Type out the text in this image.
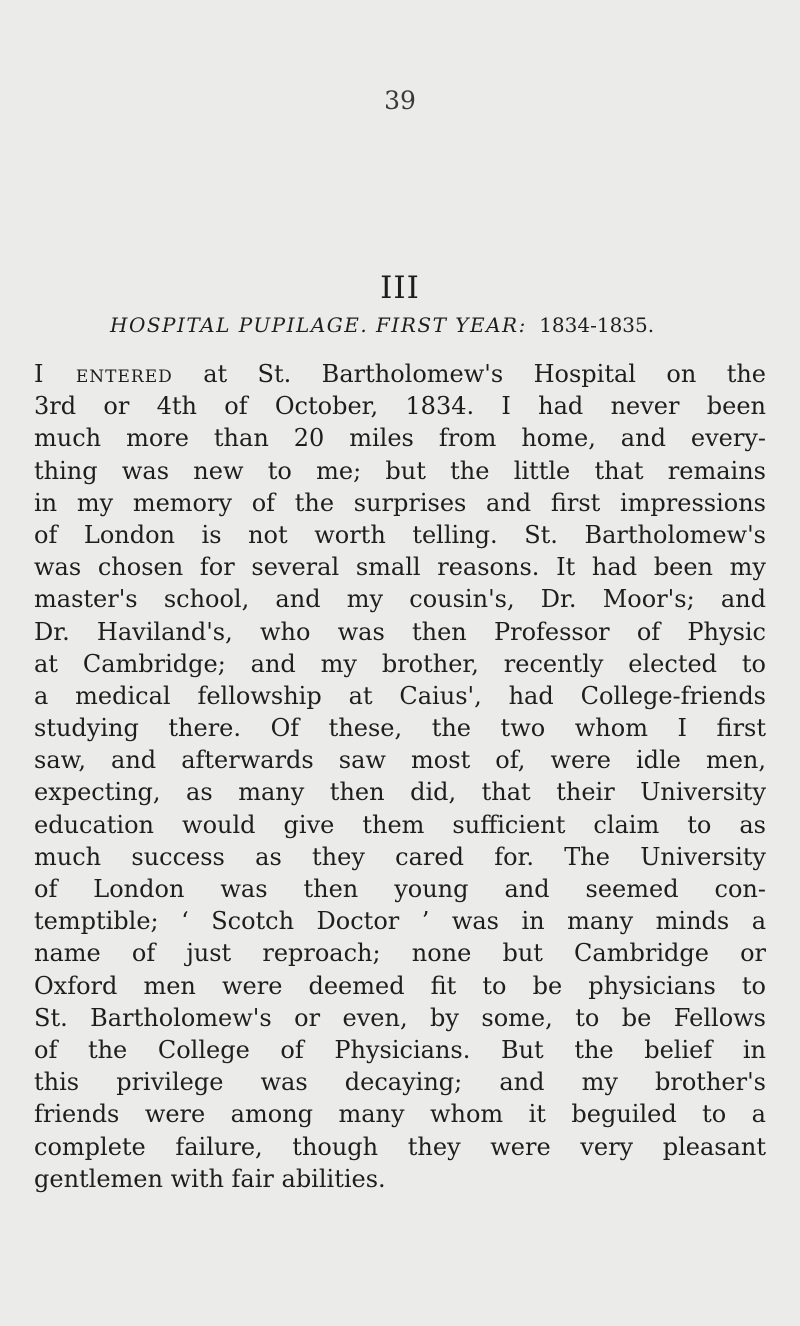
39
III
HOSPITAL PUPILAGE. FIRST YEAR: 1834-1835.
I entered at St. Bartholomew's Hospital on the
3rd or 4th of October, 1834. I had never been
much more than 20 miles from home, and every-
thing was new to me; but the little that remains
in my memory of the surprises and first impressions
of London is not worth telling. St. Bartholomew's
was chosen for several small reasons. It had been my
master's school, and my cousin's, Dr. Moor's; and
Dr. Haviland's, who was then Professor of Physic
at Cambridge; and my brother, recently elected to
a medical fellowship at Caius', had College-friends
studying there. Of these, the two whom I first
saw, and afterwards saw most of, were idle men,
expecting, as many then did, that their University
education would give them sufficient claim to as
much success as they cared for. The University
of London was then young and seemed con-
temptible; ‘ Scotch Doctor ’ was in many minds a
name of just reproach; none but Cambridge or
Oxford men were deemed fit to be physicians to
St. Bartholomew's or even, by some, to be Fellows
of the College of Physicians. But the belief in
this privilege was decaying; and my brother's
friends were among many whom it beguiled to a
complete failure, though they were very pleasant
gentlemen with fair abilities.
